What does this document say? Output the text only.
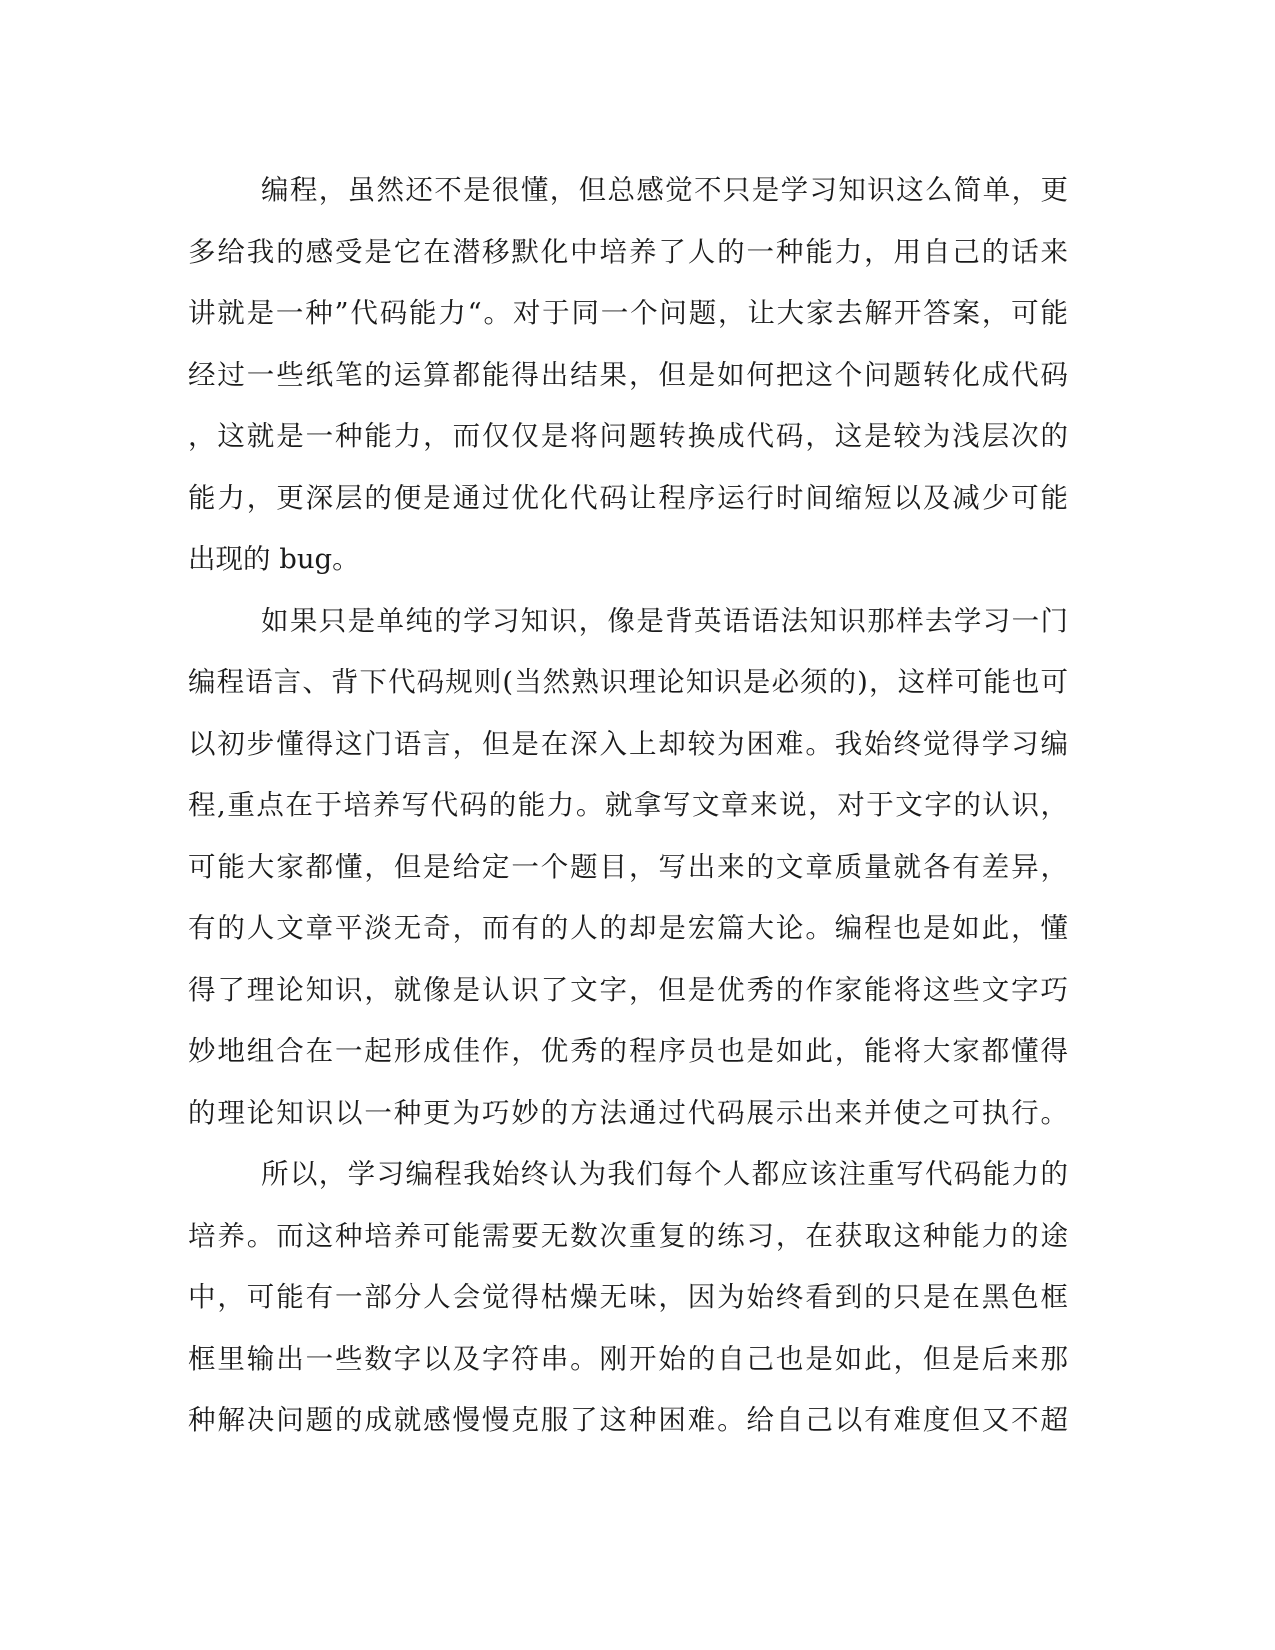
编程，虽然还不是很懂，但总感觉不只是学习知识这么简单，更
多给我的感受是它在潜移默化中培养了人的一种能力，用自己的话来
讲就是一种”代码能力“。对于同一个问题，让大家去解开答案，可能
经过一些纸笔的运算都能得出结果，但是如何把这个问题转化成代码
，这就是一种能力，而仅仅是将问题转换成代码，这是较为浅层次的
能力，更深层的便是通过优化代码让程序运行时间缩短以及减少可能
出现的 bug。
如果只是单纯的学习知识，像是背英语语法知识那样去学习一门
编程语言、背下代码规则(当然熟识理论知识是必须的)，这样可能也可
以初步懂得这门语言，但是在深入上却较为困难。我始终觉得学习编
程,重点在于培养写代码的能力。就拿写文章来说，对于文字的认识，
可能大家都懂，但是给定一个题目，写出来的文章质量就各有差异，
有的人文章平淡无奇，而有的人的却是宏篇大论。编程也是如此，懂
得了理论知识，就像是认识了文字，但是优秀的作家能将这些文字巧
妙地组合在一起形成佳作，优秀的程序员也是如此，能将大家都懂得
的理论知识以一种更为巧妙的方法通过代码展示出来并使之可执行。
所以，学习编程我始终认为我们每个人都应该注重写代码能力的
培养。而这种培养可能需要无数次重复的练习，在获取这种能力的途
中，可能有一部分人会觉得枯燥无味，因为始终看到的只是在黑色框
框里输出一些数字以及字符串。刚开始的自己也是如此，但是后来那
种解决问题的成就感慢慢克服了这种困难。给自己以有难度但又不超
